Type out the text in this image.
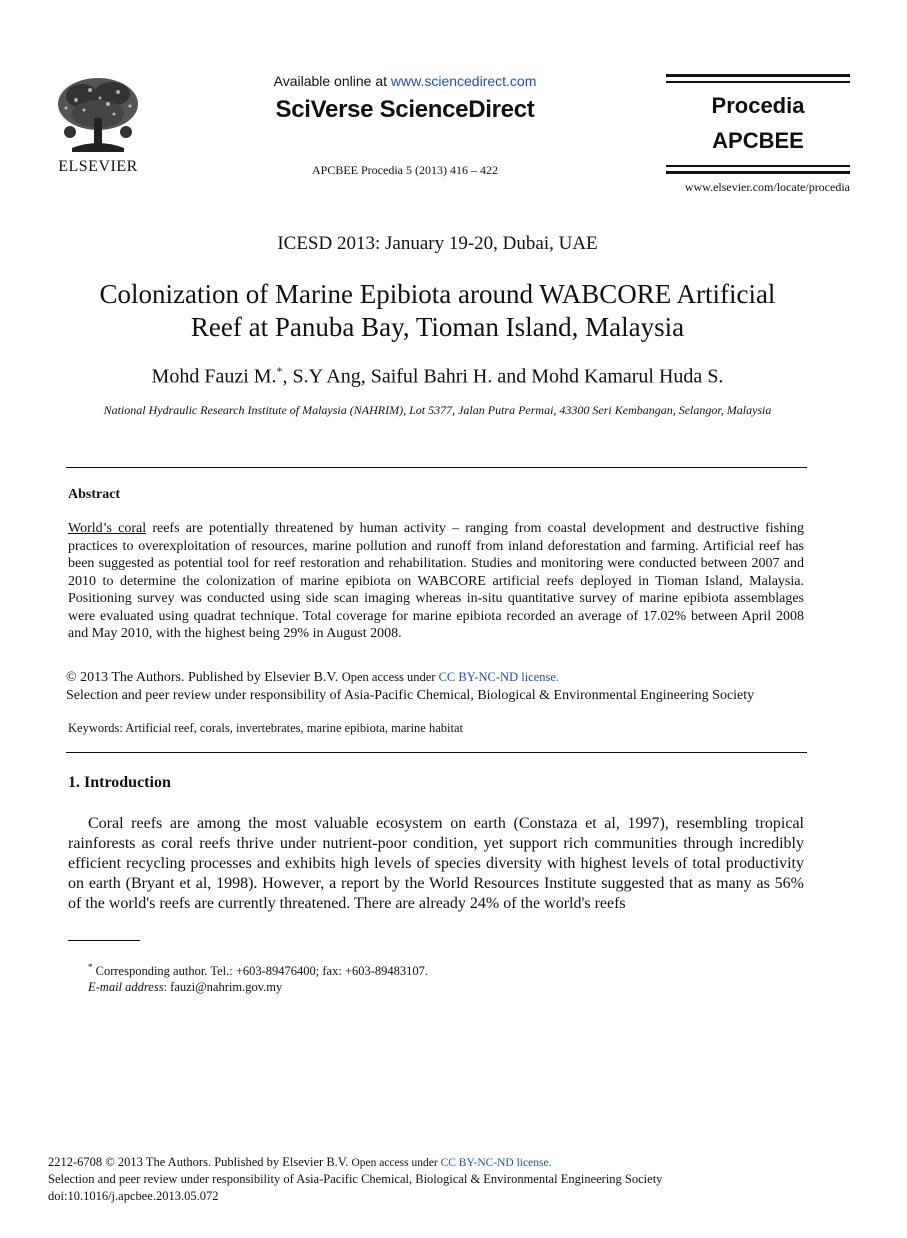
ELSEVIER
Available online at www.sciencedirect.com
SciVerse ScienceDirect
APCBEE Procedia 5 (2013) 416 – 422
Procedia
APCBEE
www.elsevier.com/locate/procedia
ICESD 2013: January 19-20, Dubai, UAE
Colonization of Marine Epibiota around WABCORE Artificial
Reef at Panuba Bay, Tioman Island, Malaysia
Mohd Fauzi M.*, S.Y Ang, Saiful Bahri H. and Mohd Kamarul Huda S.
National Hydraulic Research Institute of Malaysia (NAHRIM), Lot 5377, Jalan Putra Permai, 43300 Seri Kembangan, Selangor, Malaysia
Abstract
World’s coral reefs are potentially threatened by human activity – ranging from coastal development and destructive fishing practices to overexploitation of resources, marine pollution and runoff from inland deforestation and farming. Artificial reef has been suggested as potential tool for reef restoration and rehabilitation. Studies and monitoring were conducted between 2007 and 2010 to determine the colonization of marine epibiota on WABCORE artificial reefs deployed in Tioman Island, Malaysia. Positioning survey was conducted using side scan imaging whereas in-situ quantitative survey of marine epibiota assemblages were evaluated using quadrat technique. Total coverage for marine epibiota recorded an average of 17.02% between April 2008 and May 2010, with the highest being 29% in August 2008.
© 2013 The Authors. Published by Elsevier B.V. Open access under CC BY-NC-ND license.
Selection and peer review under responsibility of Asia-Pacific Chemical, Biological & Environmental Engineering Society
Keywords: Artificial reef, corals, invertebrates, marine epibiota, marine habitat
1. Introduction
Coral reefs are among the most valuable ecosystem on earth (Constaza et al, 1997), resembling tropical rainforests as coral reefs thrive under nutrient-poor condition, yet support rich communities through incredibly efficient recycling processes and exhibits high levels of species diversity with highest levels of total productivity on earth (Bryant et al, 1998). However, a report by the World Resources Institute suggested that as many as 56% of the world's reefs are currently threatened. There are already 24% of the world's reefs
* Corresponding author. Tel.: +603-89476400; fax: +603-89483107.
E-mail address: fauzi@nahrim.gov.my
2212-6708 © 2013 The Authors. Published by Elsevier B.V. Open access under CC BY-NC-ND license.
Selection and peer review under responsibility of Asia-Pacific Chemical, Biological & Environmental Engineering Society
doi:10.1016/j.apcbee.2013.05.072
